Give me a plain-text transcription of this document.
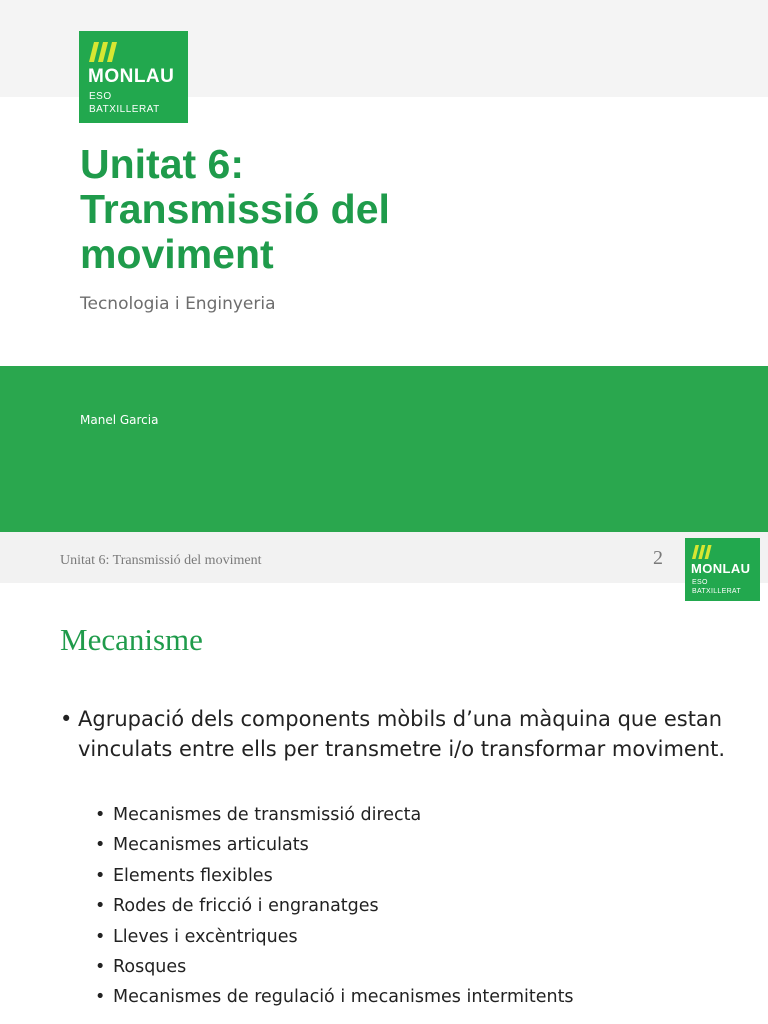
MONLAU
ESO
BATXILLERAT
Unitat 6:
Transmissió del
moviment
Tecnologia i Enginyeria
Manel Garcia
Unitat 6: Transmissió del moviment	2 MONLAU
ESO
BATXILLERAT
Mecanisme
• Agrupació dels components mòbils d’una màquina que estan vinculats entre ells per transmetre i/o transformar moviment.
• Mecanismes de transmissió directa
• Mecanismes articulats
• Elements flexibles
• Rodes de fricció i engranatges
• Lleves i excèntriques
• Rosques
• Mecanismes de regulació i mecanismes intermitents
